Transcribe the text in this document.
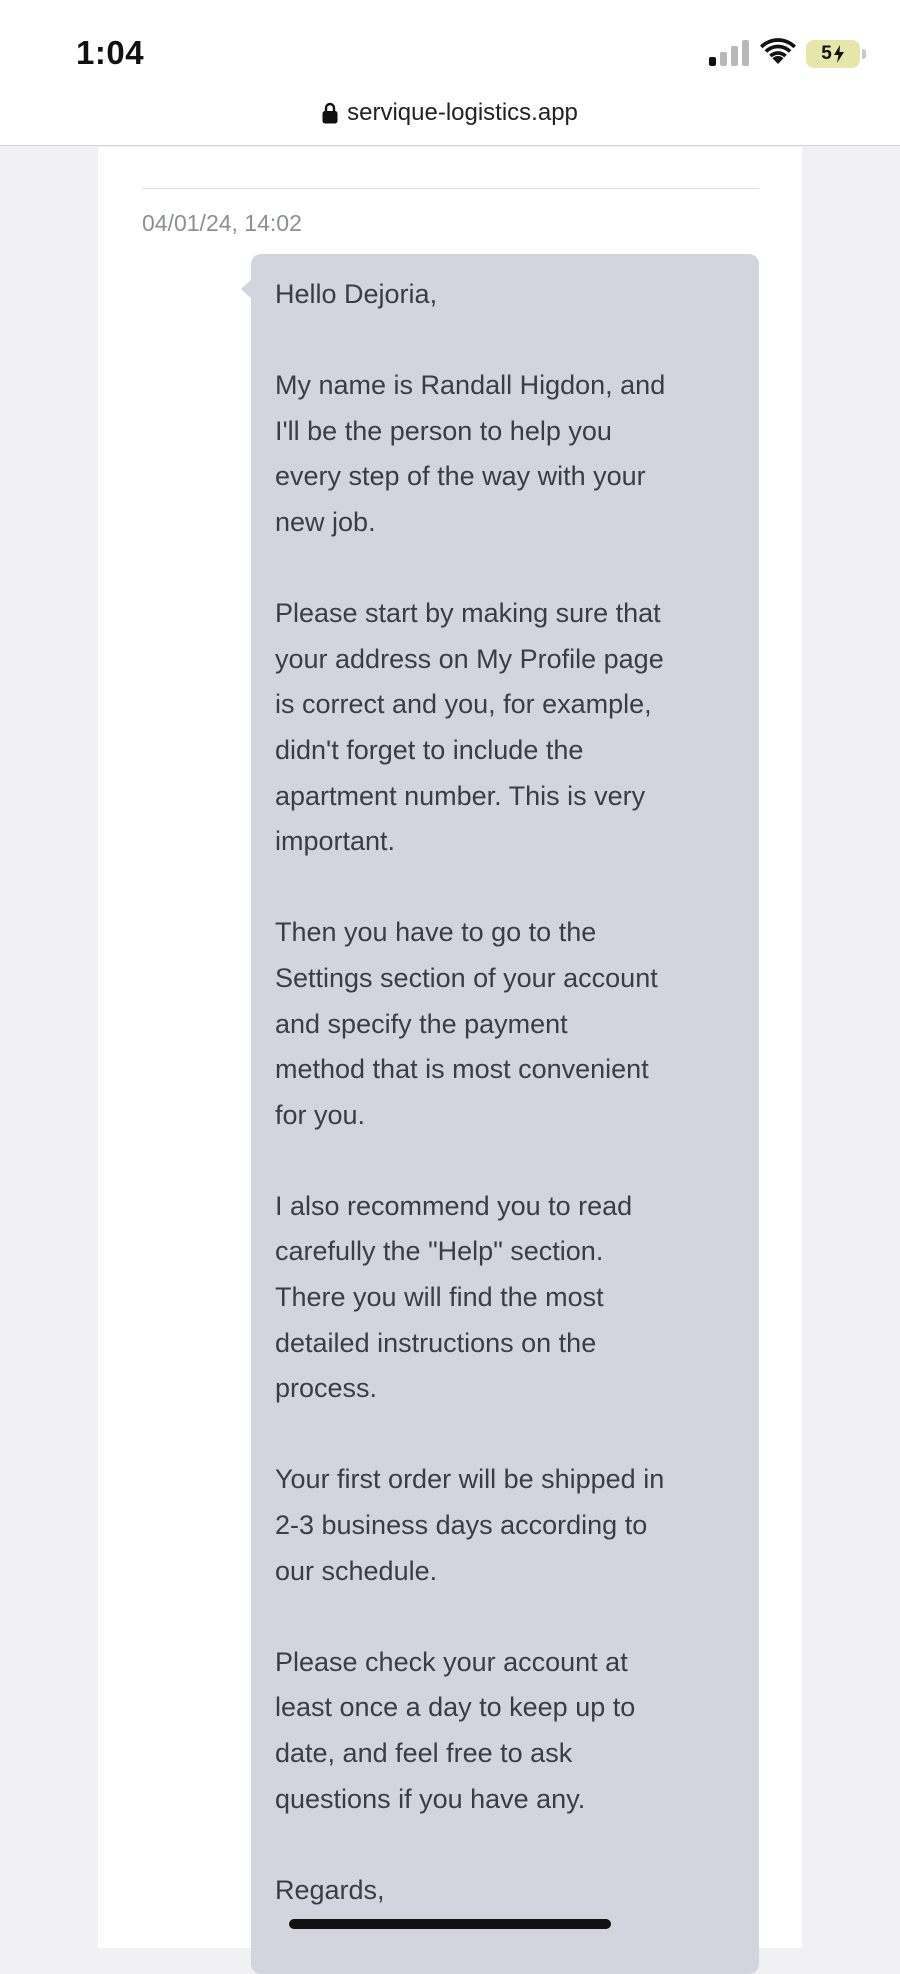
1:04	5
servique-logistics.app
04/01/24, 14:02
Hello Dejoria,
My name is Randall Higdon, and
I'll be the person to help you
every step of the way with your
new job.
Please start by making sure that
your address on My Profile page
is correct and you, for example,
didn't forget to include the
apartment number. This is very
important.
Then you have to go to the
Settings section of your account
and specify the payment
method that is most convenient
for you.
I also recommend you to read
carefully the "Help" section.
There you will find the most
detailed instructions on the
process.
Your first order will be shipped in
2-3 business days according to
our schedule.
Please check your account at
least once a day to keep up to
date, and feel free to ask
questions if you have any.
Regards,
